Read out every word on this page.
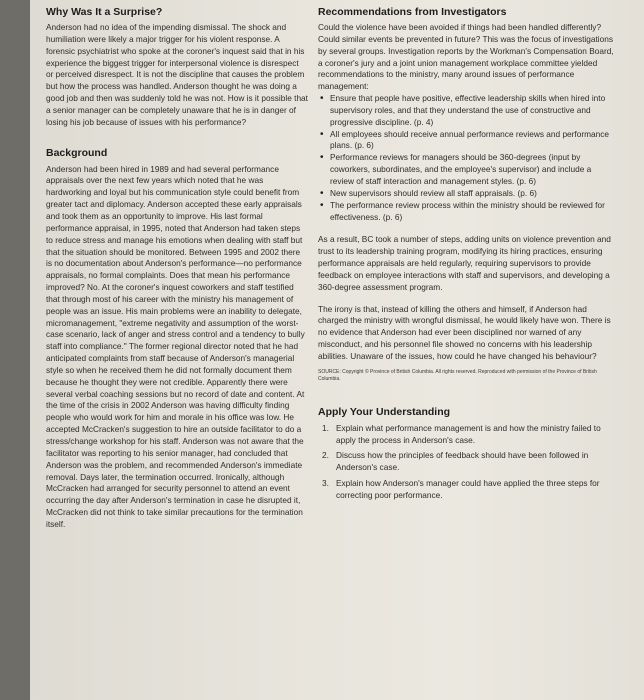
Why Was It a Surprise?

Anderson had no idea of the impending dismissal. The shock and humiliation were likely a major trigger for his violent response. A forensic psychiatrist who spoke at the coroner's inquest said that in his experience the biggest trigger for interpersonal violence is disrespect or perceived disrespect. It is not the discipline that causes the problem but how the process was handled. Anderson thought he was doing a good job and then was suddenly told he was not. How is it possible that a senior manager can be completely unaware that he is in danger of losing his job because of issues with his performance?

Background

Anderson had been hired in 1989 and had several performance appraisals over the next few years which noted that he was hardworking and loyal but his communication style could benefit from greater tact and diplomacy. Anderson accepted these early appraisals and took them as an opportunity to improve. His last formal performance appraisal, in 1995, noted that Anderson had taken steps to reduce stress and manage his emotions when dealing with staff but that the situation should be monitored. Between 1995 and 2002 there is no documentation about Anderson's performance—no performance appraisals, no formal complaints. Does that mean his performance improved? No. At the coroner's inquest coworkers and staff testified that through most of his career with the ministry his management of people was an issue. His main problems were an inability to delegate, micromanagement, "extreme negativity and assumption of the worst-case scenario, lack of anger and stress control and a tendency to bully staff into compliance." The former regional director noted that he had anticipated complaints from staff because of Anderson's managerial style so when he received them he did not formally document them because he thought they were not credible. Apparently there were several verbal coaching sessions but no record of date and content. At the time of the crisis in 2002 Anderson was having difficulty finding people who would work for him and morale in his office was low. He accepted McCracken's suggestion to hire an outside facilitator to do a stress/change workshop for his staff. Anderson was not aware that the facilitator was reporting to his senior manager, had concluded that Anderson was the problem, and recommended Anderson's immediate removal. Days later, the termination occurred. Ironically, although McCracken had arranged for security personnel to attend an event occurring the day after Anderson's termination in case he disrupted it, McCracken did not think to take similar precautions for the termination itself.

Recommendations from Investigators

Could the violence have been avoided if things had been handled differently? Could similar events be prevented in future? This was the focus of investigations by several groups. Investigation reports by the Workman's Compensation Board, a coroner's jury and a joint union management workplace committee yielded recommendations to the ministry, many around issues of performance management:

• Ensure that people have positive, effective leadership skills when hired into supervisory roles, and that they understand the use of constructive and progressive discipline. (p. 4)
• All employees should receive annual performance reviews and performance plans. (p. 6)
• Performance reviews for managers should be 360-degrees (input by coworkers, subordinates, and the employee's supervisor) and include a review of staff interaction and management styles. (p. 6)
• New supervisors should review all staff appraisals. (p. 6)
• The performance review process within the ministry should be reviewed for effectiveness. (p. 6)

As a result, BC took a number of steps, adding units on violence prevention and trust to its leadership training program, modifying its hiring practices, ensuring performance appraisals are held regularly, requiring supervisors to provide feedback on employee interactions with staff and supervisors, and developing a 360-degree assessment program.

The irony is that, instead of killing the others and himself, if Anderson had charged the ministry with wrongful dismissal, he would likely have won. There is no evidence that Anderson had ever been disciplined nor warned of any misconduct, and his personnel file showed no concerns with his leadership abilities. Unaware of the issues, how could he have changed his behaviour?

SOURCE: Copyright © Province of British Columbia. All rights reserved. Reproduced with permission of the Province of British Columbia.

Apply Your Understanding
1. Explain what performance management is and how the ministry failed to apply the process in Anderson's case.
2. Discuss how the principles of feedback should have been followed in Anderson's case.
3. Explain how Anderson's manager could have applied the three steps for correcting poor performance.
